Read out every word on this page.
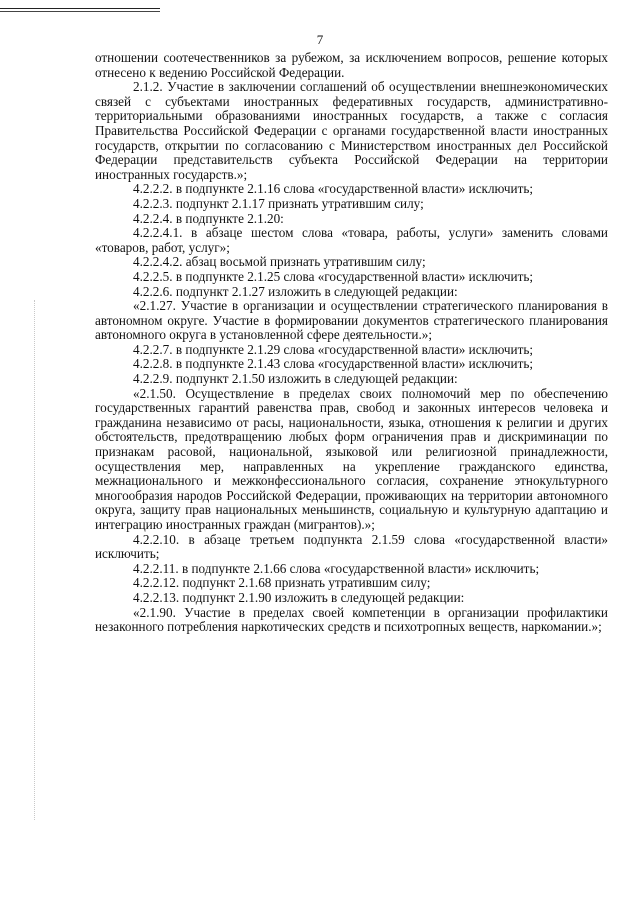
7

отношении соотечественников за рубежом, за исключением вопросов, решение которых отнесено к ведению Российской Федерации.

2.1.2. Участие в заключении соглашений об осуществлении внешнеэкономических связей с субъектами иностранных федеративных государств, административно-территориальными образованиями иностранных государств, а также с согласия Правительства Российской Федерации с органами государственной власти иностранных государств, открытии по согласованию с Министерством иностранных дел Российской Федерации представительств субъекта Российской Федерации на территории иностранных государств.»;

4.2.2.2. в подпункте 2.1.16 слова «государственной власти» исключить;

4.2.2.3. подпункт 2.1.17 признать утратившим силу;

4.2.2.4. в подпункте 2.1.20:

4.2.2.4.1. в абзаце шестом слова «товара, работы, услуги» заменить словами «товаров, работ, услуг»;

4.2.2.4.2. абзац восьмой признать утратившим силу;

4.2.2.5. в подпункте 2.1.25 слова «государственной власти» исключить;

4.2.2.6. подпункт 2.1.27 изложить в следующей редакции:

«2.1.27. Участие в организации и осуществлении стратегического планирования в автономном округе. Участие в формировании документов стратегического планирования автономного округа в установленной сфере деятельности.»;

4.2.2.7. в подпункте 2.1.29 слова «государственной власти» исключить;

4.2.2.8. в подпункте 2.1.43 слова «государственной власти» исключить;

4.2.2.9. подпункт 2.1.50 изложить в следующей редакции:

«2.1.50. Осуществление в пределах своих полномочий мер по обеспечению государственных гарантий равенства прав, свобод и законных интересов человека и гражданина независимо от расы, национальности, языка, отношения к религии и других обстоятельств, предотвращению любых форм ограничения прав и дискриминации по признакам расовой, национальной, языковой или религиозной принадлежности, осуществления мер, направленных на укрепление гражданского единства, межнационального и межконфессионального согласия, сохранение этнокультурного многообразия народов Российской Федерации, проживающих на территории автономного округа, защиту прав национальных меньшинств, социальную и культурную адаптацию и интеграцию иностранных граждан (мигрантов).»;

4.2.2.10. в абзаце третьем подпункта 2.1.59 слова «государственной власти» исключить;

4.2.2.11. в подпункте 2.1.66 слова «государственной власти» исключить;

4.2.2.12. подпункт 2.1.68 признать утратившим силу;

4.2.2.13. подпункт 2.1.90 изложить в следующей редакции:

«2.1.90. Участие в пределах своей компетенции в организации профилактики незаконного потребления наркотических средств и психотропных веществ, наркомании.»;
